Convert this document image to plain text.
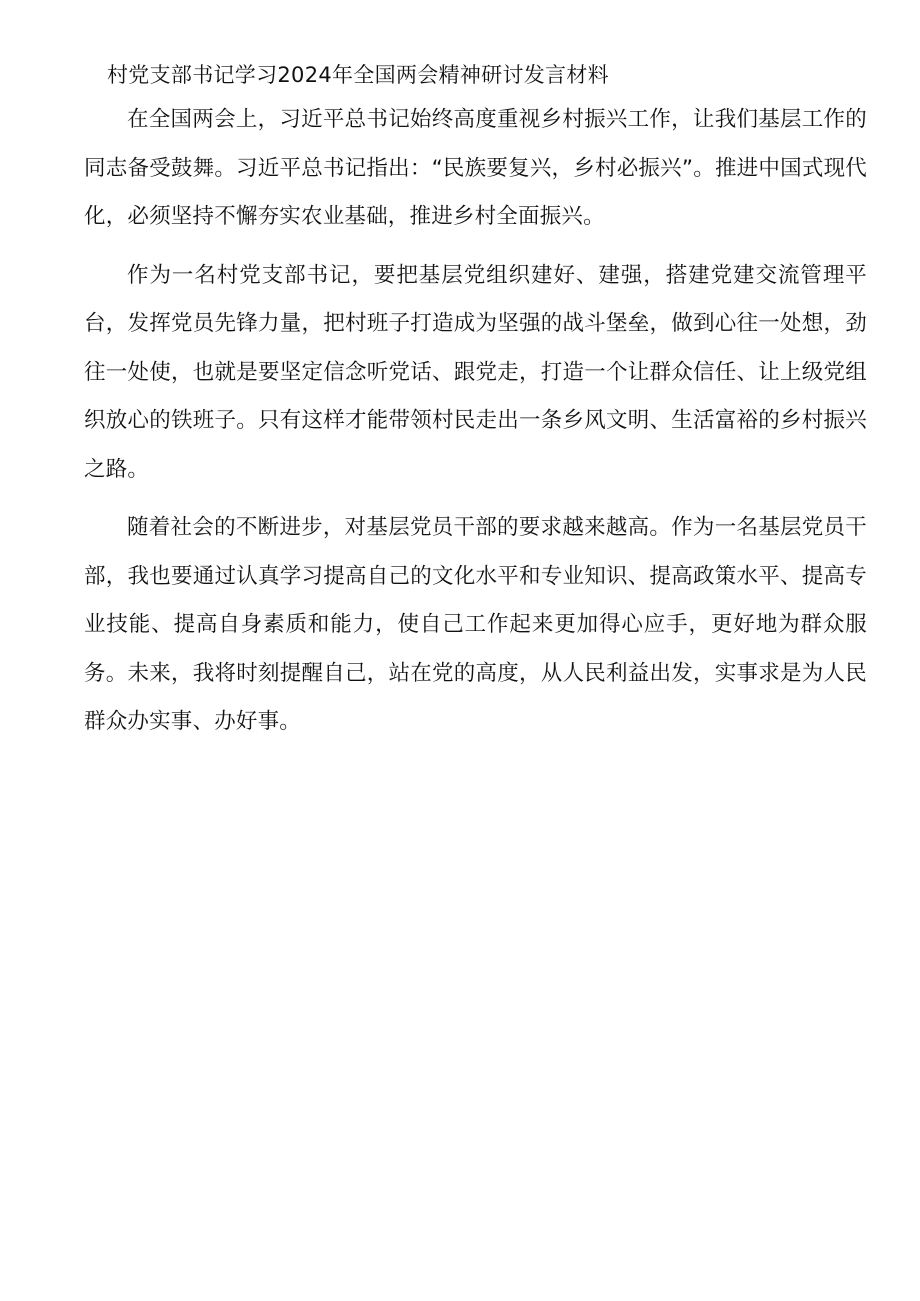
村党支部书记学习2024年全国两会精神研讨发言材料

在全国两会上，习近平总书记始终高度重视乡村振兴工作，让我们基层工作的同志备受鼓舞。习近平总书记指出：“民族要复兴，乡村必振兴”。推进中国式现代化，必须坚持不懈夯实农业基础，推进乡村全面振兴。

作为一名村党支部书记，要把基层党组织建好、建强，搭建党建交流管理平台，发挥党员先锋力量，把村班子打造成为坚强的战斗堡垒，做到心往一处想，劲往一处使，也就是要坚定信念听党话、跟党走，打造一个让群众信任、让上级党组织放心的铁班子。只有这样才能带领村民走出一条乡风文明、生活富裕的乡村振兴之路。

随着社会的不断进步，对基层党员干部的要求越来越高。作为一名基层党员干部，我也要通过认真学习提高自己的文化水平和专业知识、提高政策水平、提高专业技能、提高自身素质和能力，使自己工作起来更加得心应手，更好地为群众服务。未来，我将时刻提醒自己，站在党的高度，从人民利益出发，实事求是为人民群众办实事、办好事。
